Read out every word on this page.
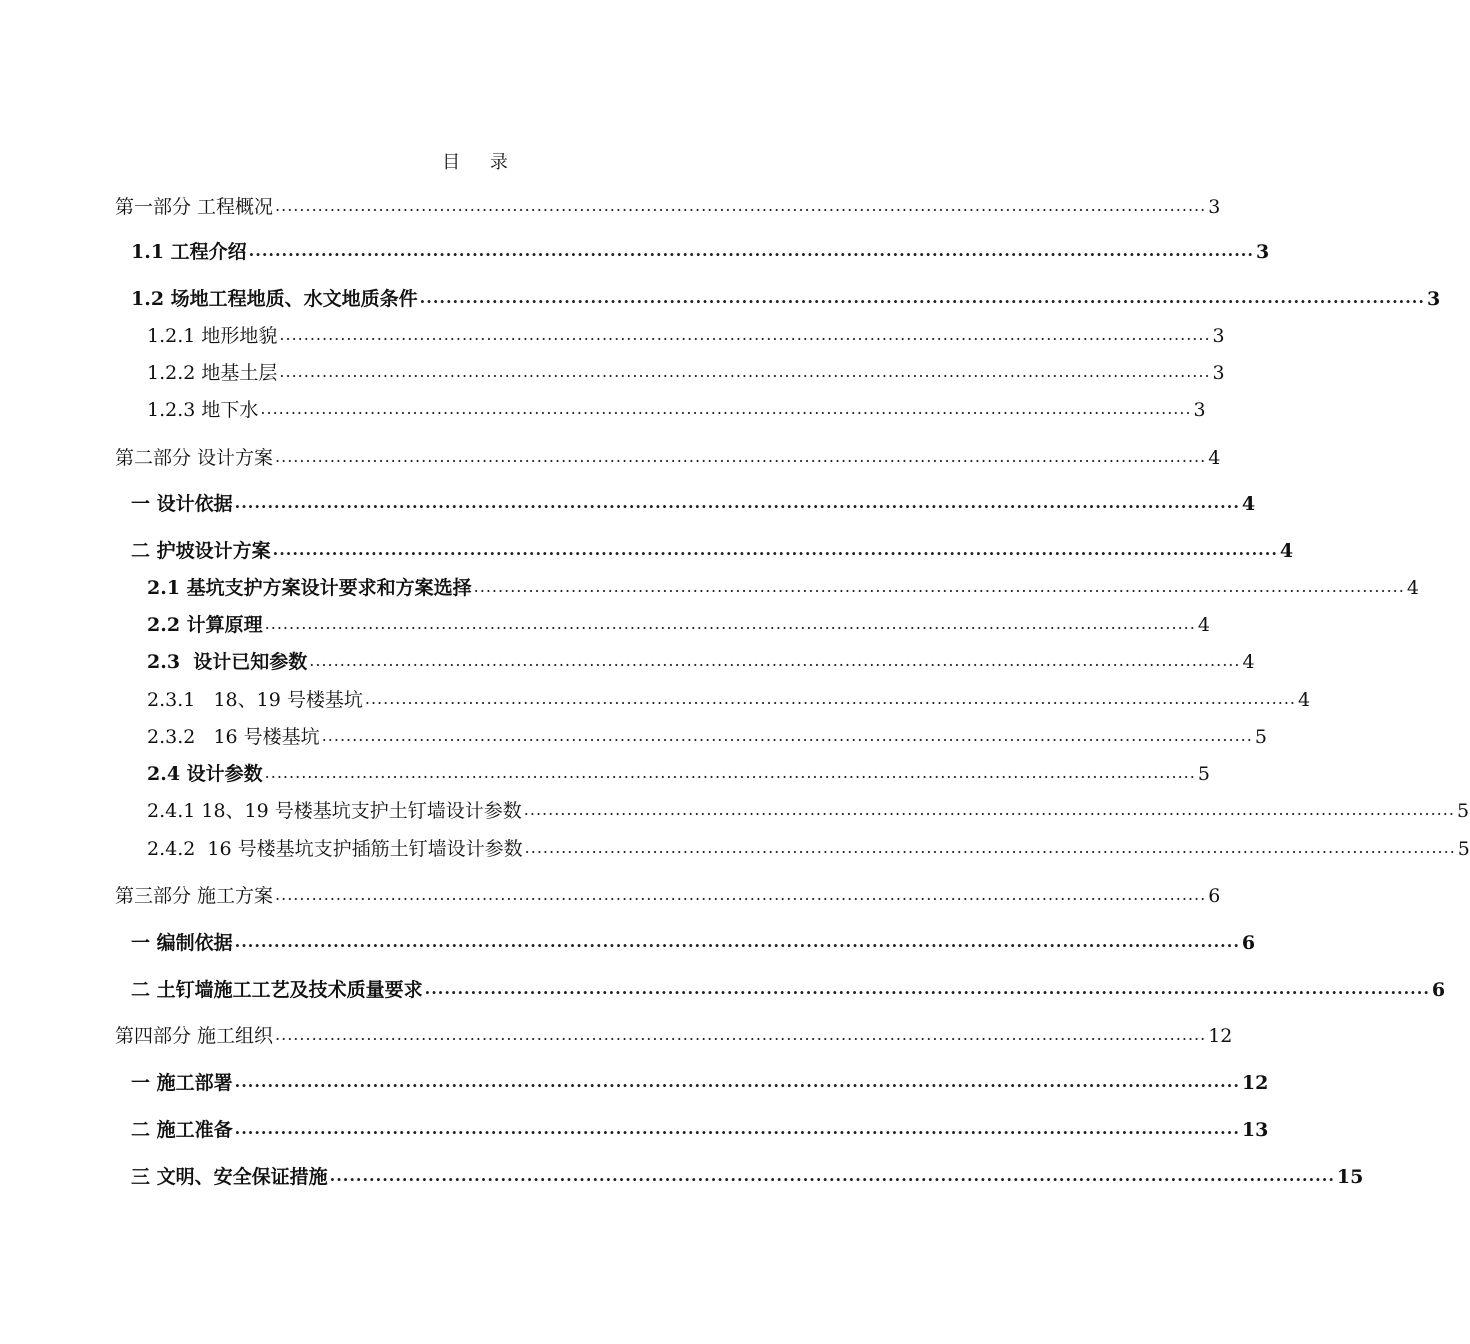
目 录
第一部分 工程概况 ......................................................................................................................................................... 3
1.1 工程介绍 ......................................................................................................................................................... 3
1.2 场地工程地质、水文地质条件 ......................................................................................................................................................... 3
1.2.1 地形地貌 ......................................................................................................................................................... 3
1.2.2 地基土层 ......................................................................................................................................................... 3
1.2.3 地下水 ......................................................................................................................................................... 3
第二部分 设计方案 ......................................................................................................................................................... 4
一 设计依据 ......................................................................................................................................................... 4
二 护坡设计方案 ......................................................................................................................................................... 4
2.1 基坑支护方案设计要求和方案选择 ......................................................................................................................................................... 4
2.2 计算原理 ......................................................................................................................................................... 4
2.3  设计已知参数 ......................................................................................................................................................... 4
2.3.1   18、19 号楼基坑 ......................................................................................................................................................... 4
2.3.2   16 号楼基坑 ......................................................................................................................................................... 5
2.4 设计参数 ......................................................................................................................................................... 5
2.4.1 18、19 号楼基坑支护土钉墙设计参数 ......................................................................................................................................................... 5
2.4.2  16 号楼基坑支护插筋土钉墙设计参数 ......................................................................................................................................................... 5
第三部分 施工方案 ......................................................................................................................................................... 6
一 编制依据 ......................................................................................................................................................... 6
二 土钉墙施工工艺及技术质量要求 ......................................................................................................................................................... 6
第四部分 施工组织 ......................................................................................................................................................... 12
一 施工部署 ......................................................................................................................................................... 12
二 施工准备 ......................................................................................................................................................... 13
三 文明、安全保证措施 ......................................................................................................................................................... 15
